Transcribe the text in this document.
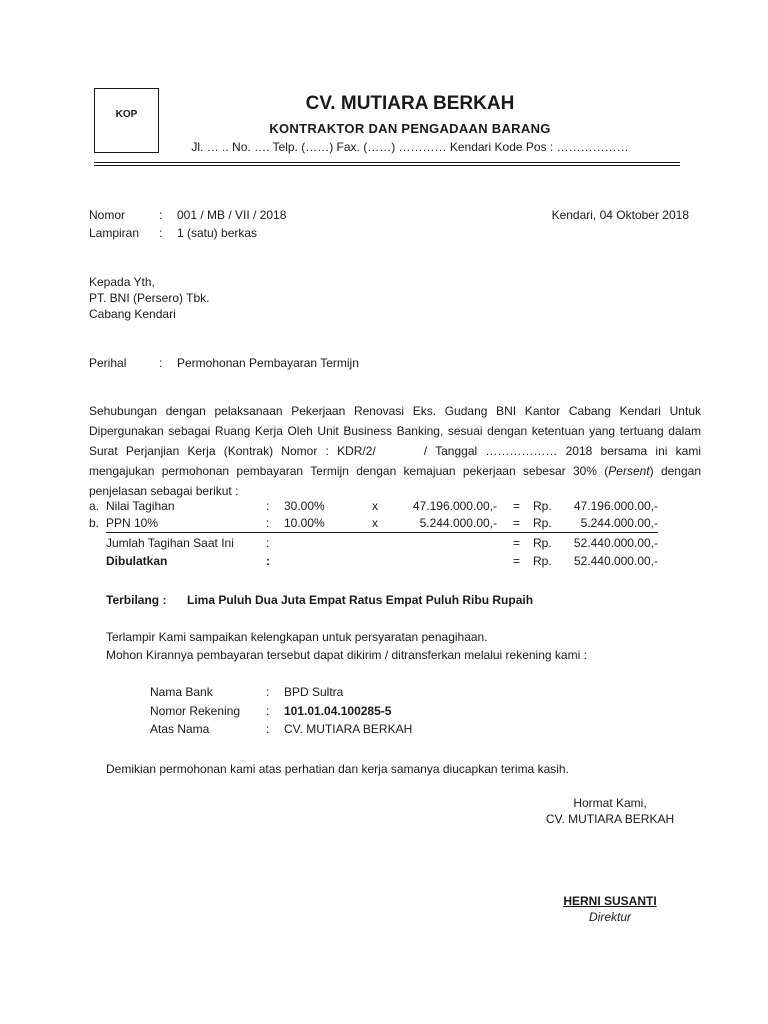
KOP
CV. MUTIARA BERKAH
KONTRAKTOR DAN PENGADAAN BARANG
Jl. … .. No. …. Telp. (……) Fax. (……) ………… Kendari Kode Pos : ………………
Nomor	: 001 / MB / VII / 2018
Lampiran : 1 (satu) berkas
Kendari, 04 Oktober 2018
Kepada Yth,
PT. BNI (Persero) Tbk.
Cabang Kendari
Perihal	: Permohonan Pembayaran Termijn
Sehubungan dengan pelaksanaan Pekerjaan Renovasi Eks. Gudang BNI Kantor Cabang Kendari Untuk Dipergunakan sebagai Ruang Kerja Oleh Unit Business Banking, sesuai dengan ketentuan yang tertuang dalam Surat Perjanjian Kerja (Kontrak) Nomor : KDR/2/	/ Tanggal ……………… 2018 bersama ini kami mengajukan permohonan pembayaran Termijn dengan kemajuan pekerjaan sebesar 30% (Persent) dengan penjelasan sebagai berikut :
a. Nilai Tagihan	: 30.00%	x	47.196.000.00,- = Rp.	47.196.000.00,-
b. PPN 10%	: 10.00%	x	5.244.000.00,- = Rp.	5.244.000.00,-
Jumlah Tagihan Saat Ini	:	= Rp.	52.440.000.00,-
Dibulatkan	:	= Rp.	52.440.000.00,-
Terbilang : Lima Puluh Dua Juta Empat Ratus Empat Puluh Ribu Rupaih
Terlampir Kami sampaikan kelengkapan untuk persyaratan penagihaan.
Mohon Kirannya pembayaran tersebut dapat dikirim / ditransferkan melalui rekening kami :
Nama Bank	: BPD Sultra
Nomor Rekening : 101.01.04.100285-5
Atas Nama	: CV. MUTIARA BERKAH
Demikian permohonan kami atas perhatian dan kerja samanya diucapkan terima kasih.
Hormat Kami,
CV. MUTIARA BERKAH
HERNI SUSANTI
Direktur
